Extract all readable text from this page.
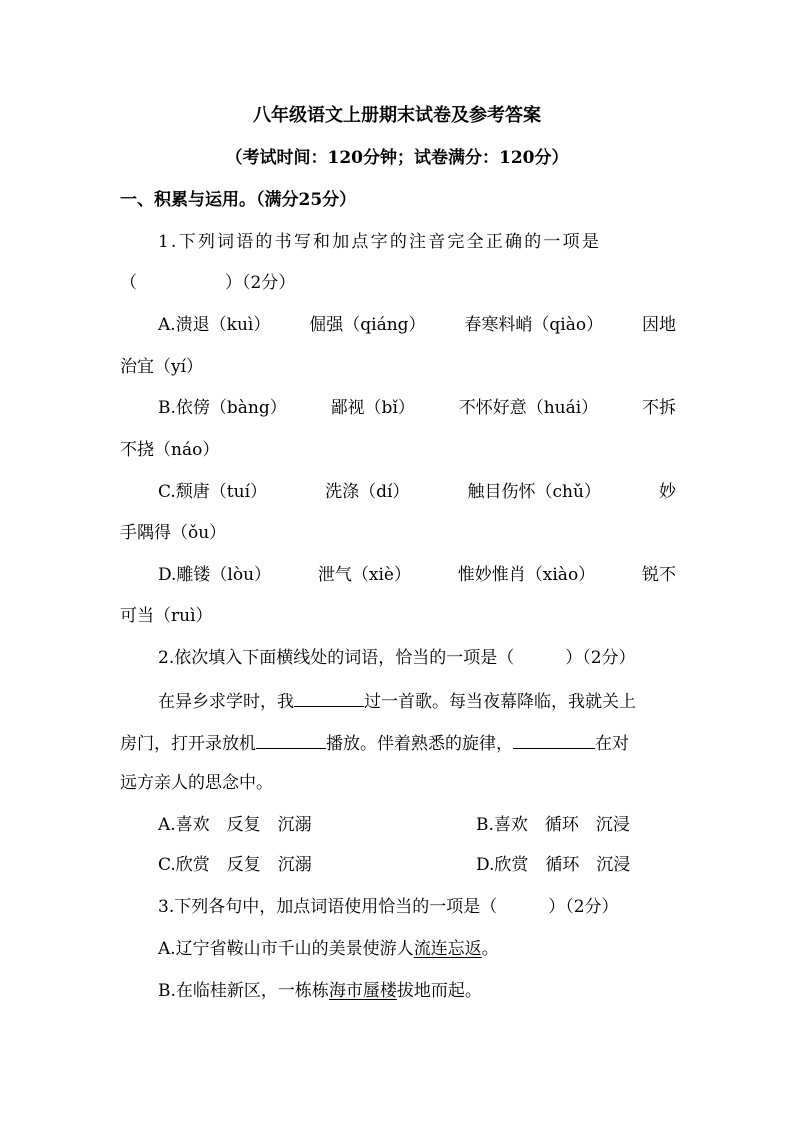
八年级语文上册期末试卷及参考答案
（考试时间：120分钟；试卷满分：120分）
一、积累与运用。（满分25分）
1.下列词语的书写和加点字的注音完全正确的一项是
（	）（2分）
A.溃退（kuì） 倔强（qiáng） 春寒料峭（qiào） 因地
治宜（yí）
B.依傍（bàng）	鄙视（bǐ）	不怀好意（huái）	不拆
不挠（náo）
C.颓唐（tuí）	洗涤（dí）	触目伤怀（chǔ）	妙
手隅得（ǒu）
D.雕镂（lòu）	泄气（xiè）	惟妙惟肖（xiào）	锐不
可当（ruì）
2.依次填入下面横线处的词语，恰当的一项是（　　　）（2分）
在异乡求学时，我	过一首歌。每当夜幕降临，我就关上
房门，打开录放机	播放。伴着熟悉的旋律，	在对
远方亲人的思念中。
A.喜欢　反复　沉溺	B.喜欢　循环　沉浸
C.欣赏　反复　沉溺	D.欣赏　循环　沉浸
3.下列各句中，加点词语使用恰当的一项是（　　　）（2分）
A.辽宁省鞍山市千山的美景使游人流连忘返。
B.在临桂新区，一栋栋海市蜃楼拔地而起。
